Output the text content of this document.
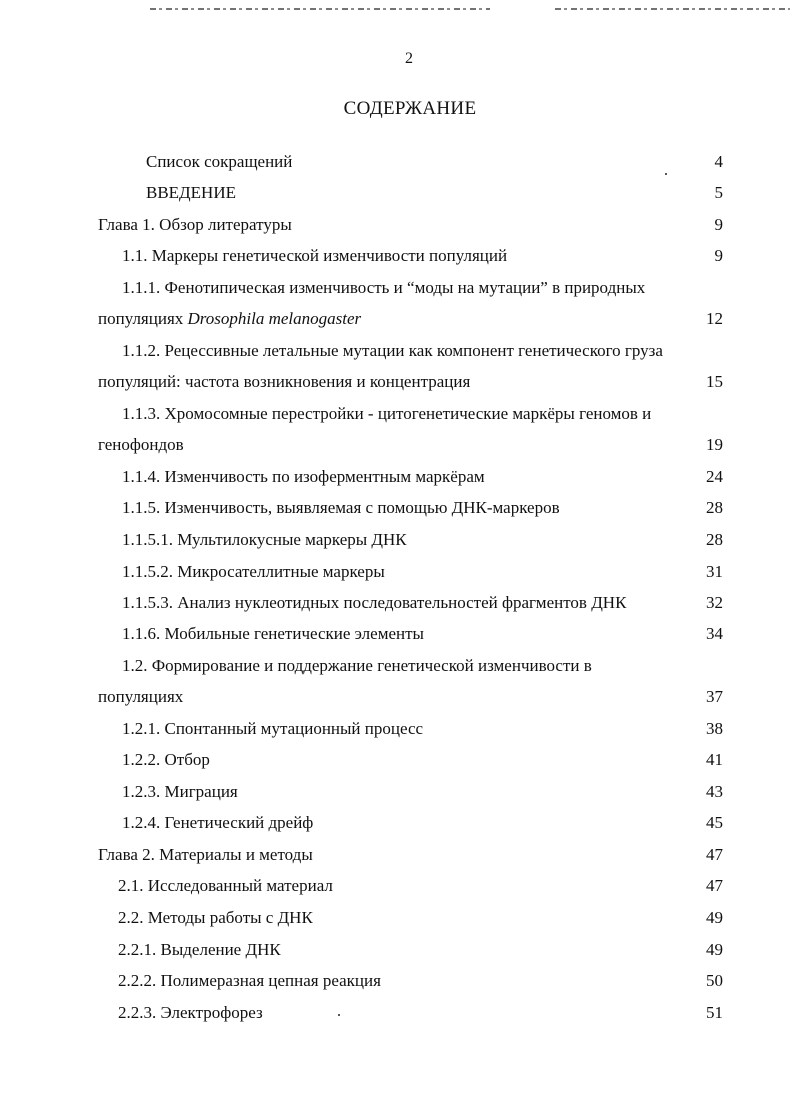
2
СОДЕРЖАНИЕ
Список сокращений	4
ВВЕДЕНИЕ	5
Глава 1. Обзор литературы	9
1.1. Маркеры генетической изменчивости популяций	9
1.1.1. Фенотипическая изменчивость и “моды на мутации” в природных
популяциях Drosophila melanogaster	12
1.1.2. Рецессивные летальные мутации как компонент генетического груза
популяций: частота возникновения и концентрация	15
1.1.3. Хромосомные перестройки - цитогенетические маркёры геномов и
генофондов	19
1.1.4. Изменчивость по изоферментным маркёрам	24
1.1.5. Изменчивость, выявляемая с помощью ДНК-маркеров	28
1.1.5.1. Мультилокусные маркеры ДНК	28
1.1.5.2. Микросателлитные маркеры	31
1.1.5.3. Анализ нуклеотидных последовательностей фрагментов ДНК	32
1.1.6. Мобильные генетические элементы	34
1.2. Формирование и поддержание генетической изменчивости в
популяциях	37
1.2.1. Спонтанный мутационный процесс	38
1.2.2. Отбор	41
1.2.3. Миграция	43
1.2.4. Генетический дрейф	45
Глава 2. Материалы и методы	47
2.1. Исследованный материал	47
2.2. Методы работы с ДНК	49
2.2.1. Выделение ДНК	49
2.2.2. Полимеразная цепная реакция	50
2.2.3. Электрофорез	51
